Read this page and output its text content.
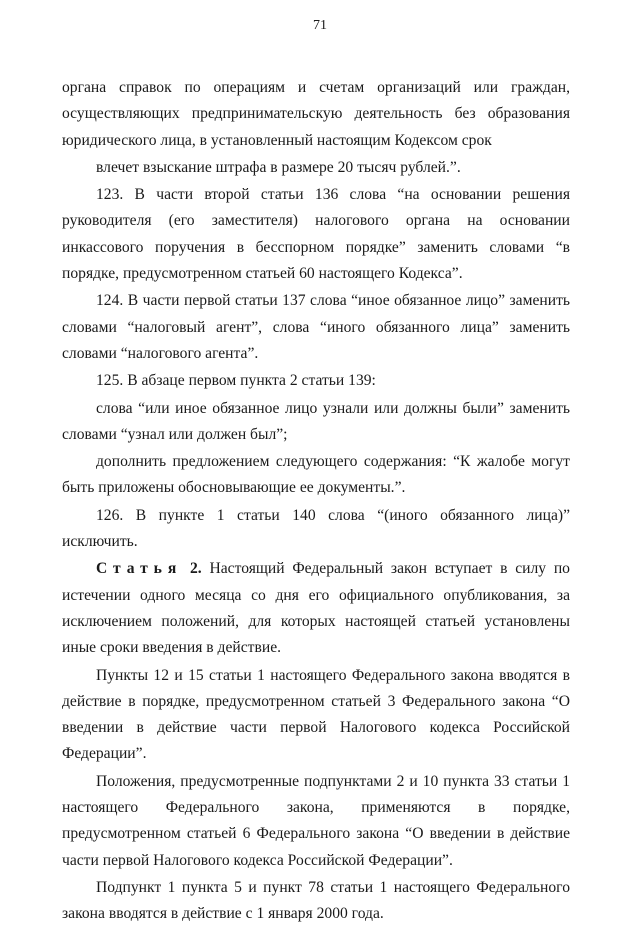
71

органа справок по операциям и счетам организаций или граждан, осуществляющих предпринимательскую деятельность без образования юридического лица, в установленный настоящим Кодексом срок

влечет взыскание штрафа в размере 20 тысяч рублей.”.

123. В части второй статьи 136 слова “на основании решения руководителя (его заместителя) налогового органа на основании инкассового поручения в бесспорном порядке” заменить словами “в порядке, предусмотренном статьей 60 настоящего Кодекса”.

124. В части первой статьи 137 слова “иное обязанное лицо” заменить словами “налоговый агент”, слова “иного обязанного лица” заменить словами “налогового агента”.

125. В абзаце первом пункта 2 статьи 139:

слова “или иное обязанное лицо узнали или должны были” заменить словами “узнал или должен был”;

дополнить предложением следующего содержания: “К жалобе могут быть приложены обосновывающие ее документы.”.

126. В пункте 1 статьи 140 слова “(иного обязанного лица)” исключить.

Статья 2. Настоящий Федеральный закон вступает в силу по истечении одного месяца со дня его официального опубликования, за исключением положений, для которых настоящей статьей установлены иные сроки введения в действие.

Пункты 12 и 15 статьи 1 настоящего Федерального закона вводятся в действие в порядке, предусмотренном статьей 3 Федерального закона “О введении в действие части первой Налогового кодекса Российской Федерации”.

Положения, предусмотренные подпунктами 2 и 10 пункта 33 статьи 1 настоящего Федерального закона, применяются в порядке, предусмотренном статьей 6 Федерального закона “О введении в действие части первой Налогового кодекса Российской Федерации”.

Подпункт 1 пункта 5 и пункт 78 статьи 1 настоящего Федерального закона вводятся в действие с 1 января 2000 года.
